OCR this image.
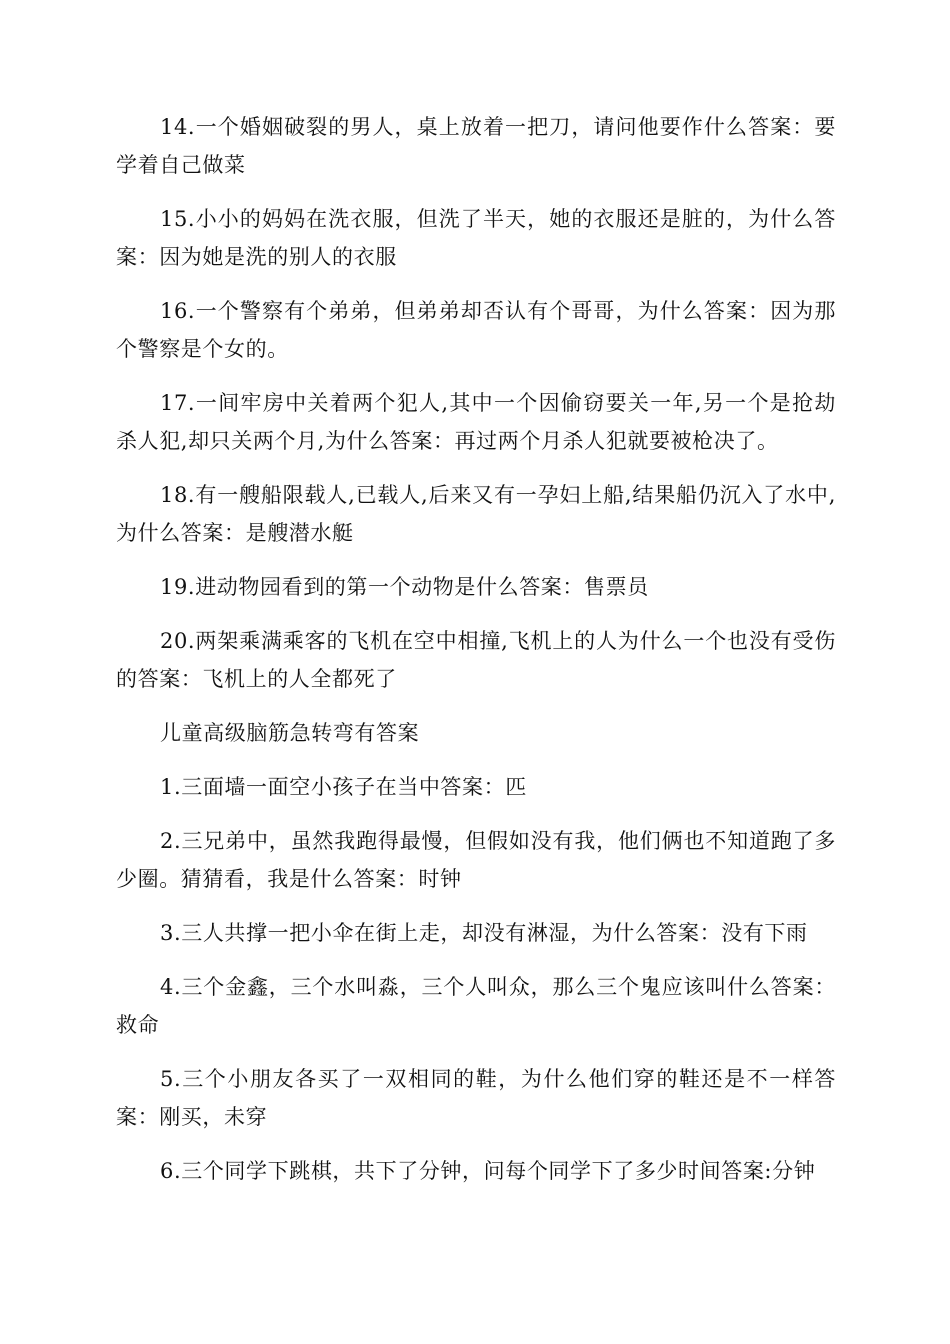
14.一个婚姻破裂的男人，桌上放着一把刀，请问他要作什么答案：要学着自己做菜

15.小小的妈妈在洗衣服，但洗了半天，她的衣服还是脏的，为什么答案：因为她是洗的别人的衣服

16.一个警察有个弟弟，但弟弟却否认有个哥哥，为什么答案：因为那个警察是个女的。

17.一间牢房中关着两个犯人,其中一个因偷窃要关一年,另一个是抢劫杀人犯,却只关两个月,为什么答案：再过两个月杀人犯就要被枪决了。

18.有一艘船限载人,已载人,后来又有一孕妇上船,结果船仍沉入了水中,为什么答案：是艘潜水艇

19.进动物园看到的第一个动物是什么答案：售票员

20.两架乘满乘客的飞机在空中相撞,飞机上的人为什么一个也没有受伤的答案：飞机上的人全都死了

儿童高级脑筋急转弯有答案

1.三面墙一面空小孩子在当中答案：匹

2.三兄弟中，虽然我跑得最慢，但假如没有我，他们俩也不知道跑了多少圈。猜猜看，我是什么答案：时钟

3.三人共撑一把小伞在街上走，却没有淋湿，为什么答案：没有下雨

4.三个金鑫，三个水叫淼，三个人叫众，那么三个鬼应该叫什么答案：救命

5.三个小朋友各买了一双相同的鞋，为什么他们穿的鞋还是不一样答案：刚买，未穿

6.三个同学下跳棋，共下了分钟，问每个同学下了多少时间答案:分钟
